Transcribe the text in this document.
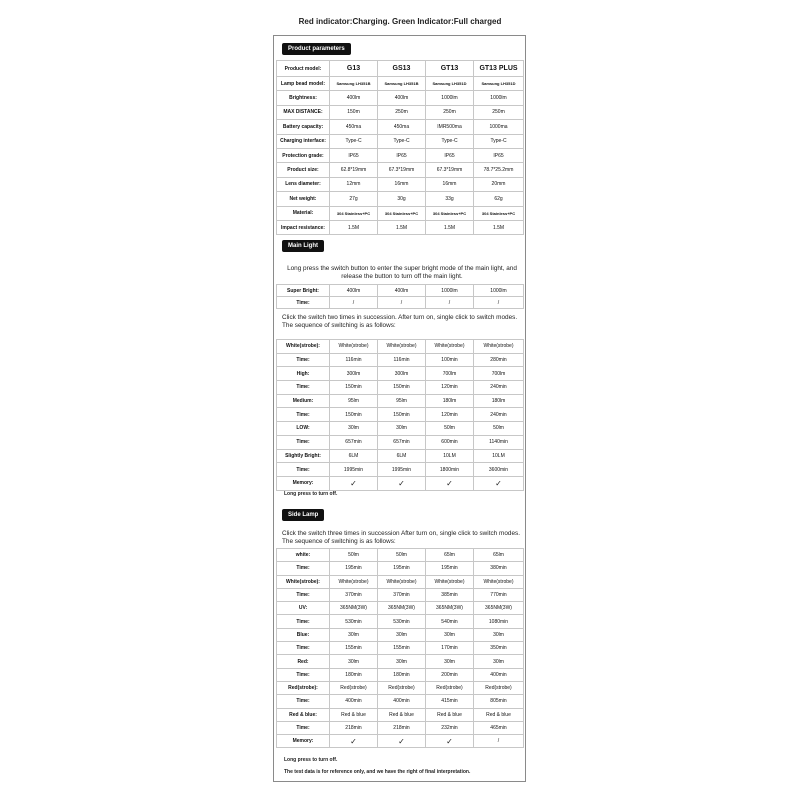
Red indicator:Charging. Green Indicator:Full charged
Product parameters
Product model:	G13	GS13	GT13	GT13 PLUS
Lamp bead model:	Samsung LH351B	Samsung LH351B	Samsung LH351D	Samsung LH351D
Brightness:	400lm	400lm	1000lm	1000lm
MAX DISTANCE:	150m	250m	250m	250m
Battery capacity:	450ma	450ma	IMR500ma	1000ma
Charging interface:	Type-C	Type-C	Type-C	Type-C
Protection grade:	IP65	IP65	IP65	IP65
Product size:	62.8*19mm	67.3*19mm	67.3*19mm	78.7*25.2mm
Lens diameter:	12mm	16mm	16mm	20mm
Net weight:	27g	30g	33g	62g
Material:	304 Stainless+PC	304 Stainless+PC	304 Stainless+PC	304 Stainless+PC
Impact resistance:	1.5M	1.5M	1.5M	1.5M
Main Light
Long press the switch button to enter the super bright mode of the main light, and release the button to turn off the main light.
Super Bright:	400lm	400lm	1000lm	1000lm
Time:	/	/	/	/
Click the switch two times in succession. After turn on, single click to switch modes. The sequence of switching is as follows:
White(strobe):	White(strobe)	White(strobe)	White(strobe)	White(strobe)
Time:	116min	116min	100min	280min
High:	300lm	300lm	700lm	700lm
Time:	150min	150min	120min	240min
Medium:	95lm	95lm	180lm	180lm
Time:	150min	150min	120min	240min
LOW:	30lm	30lm	50lm	50lm
Time:	657min	657min	600min	1140min
Slightly Bright:	6LM	6LM	10LM	10LM
Time:	1995min	1995min	1800min	3600min
Memory:	✓	✓	✓	✓
Long press to turn off.
Side Lamp
Click the switch three times in succession After turn on, single click to switch modes. The sequence of switching is as follows:
white:	50lm	50lm	65lm	65lm
Time:	195min	195min	195min	380min
White(strobe):	White(strobe)	White(strobe)	White(strobe)	White(strobe)
Time:	370min	370min	385min	770min
UV:	365NM(3W)	365NM(3W)	365NM(3W)	365NM(3W)
Time:	530min	530min	540min	1080min
Blue:	30lm	30lm	30lm	30lm
Time:	155min	155min	170min	350min
Red:	30lm	30lm	30lm	30lm
Time:	180min	180min	200min	400min
Red(strobe):	Red(strobe)	Red(strobe)	Red(strobe)	Red(strobe)
Time:	400min	400min	415min	805min
Red & blue:	Red & blue	Red & blue	Red & blue	Red & blue
Time:	218min	218min	232min	465min
Memory:	✓	✓	✓	/
Long press to turn off.
The test data is for reference only, and we have the right of final interpretation.
